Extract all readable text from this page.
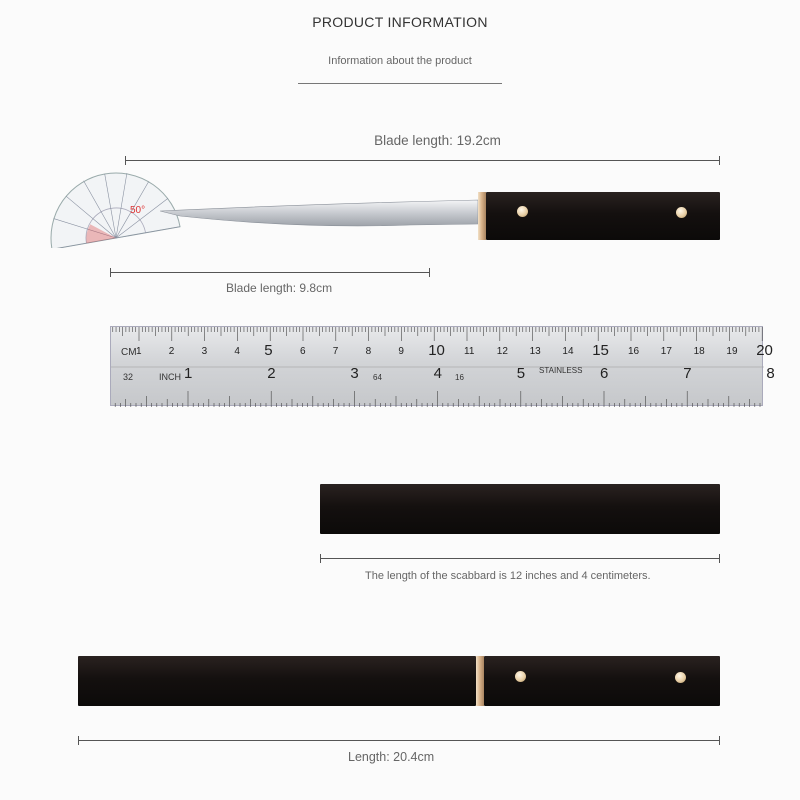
PRODUCT INFORMATION
Information about the product
Blade length: 19.2cm
50°
Blade length: 9.8cm
CM
32	INCH	64	16
STAINLESS
1	2	3	4 5	6	7	8	9 10 11 12 13 14 15 16 17 18 19 20
1	2	3	4	5	6	7	8
The length of the scabbard is 12 inches and 4 centimeters.
Length: 20.4cm
